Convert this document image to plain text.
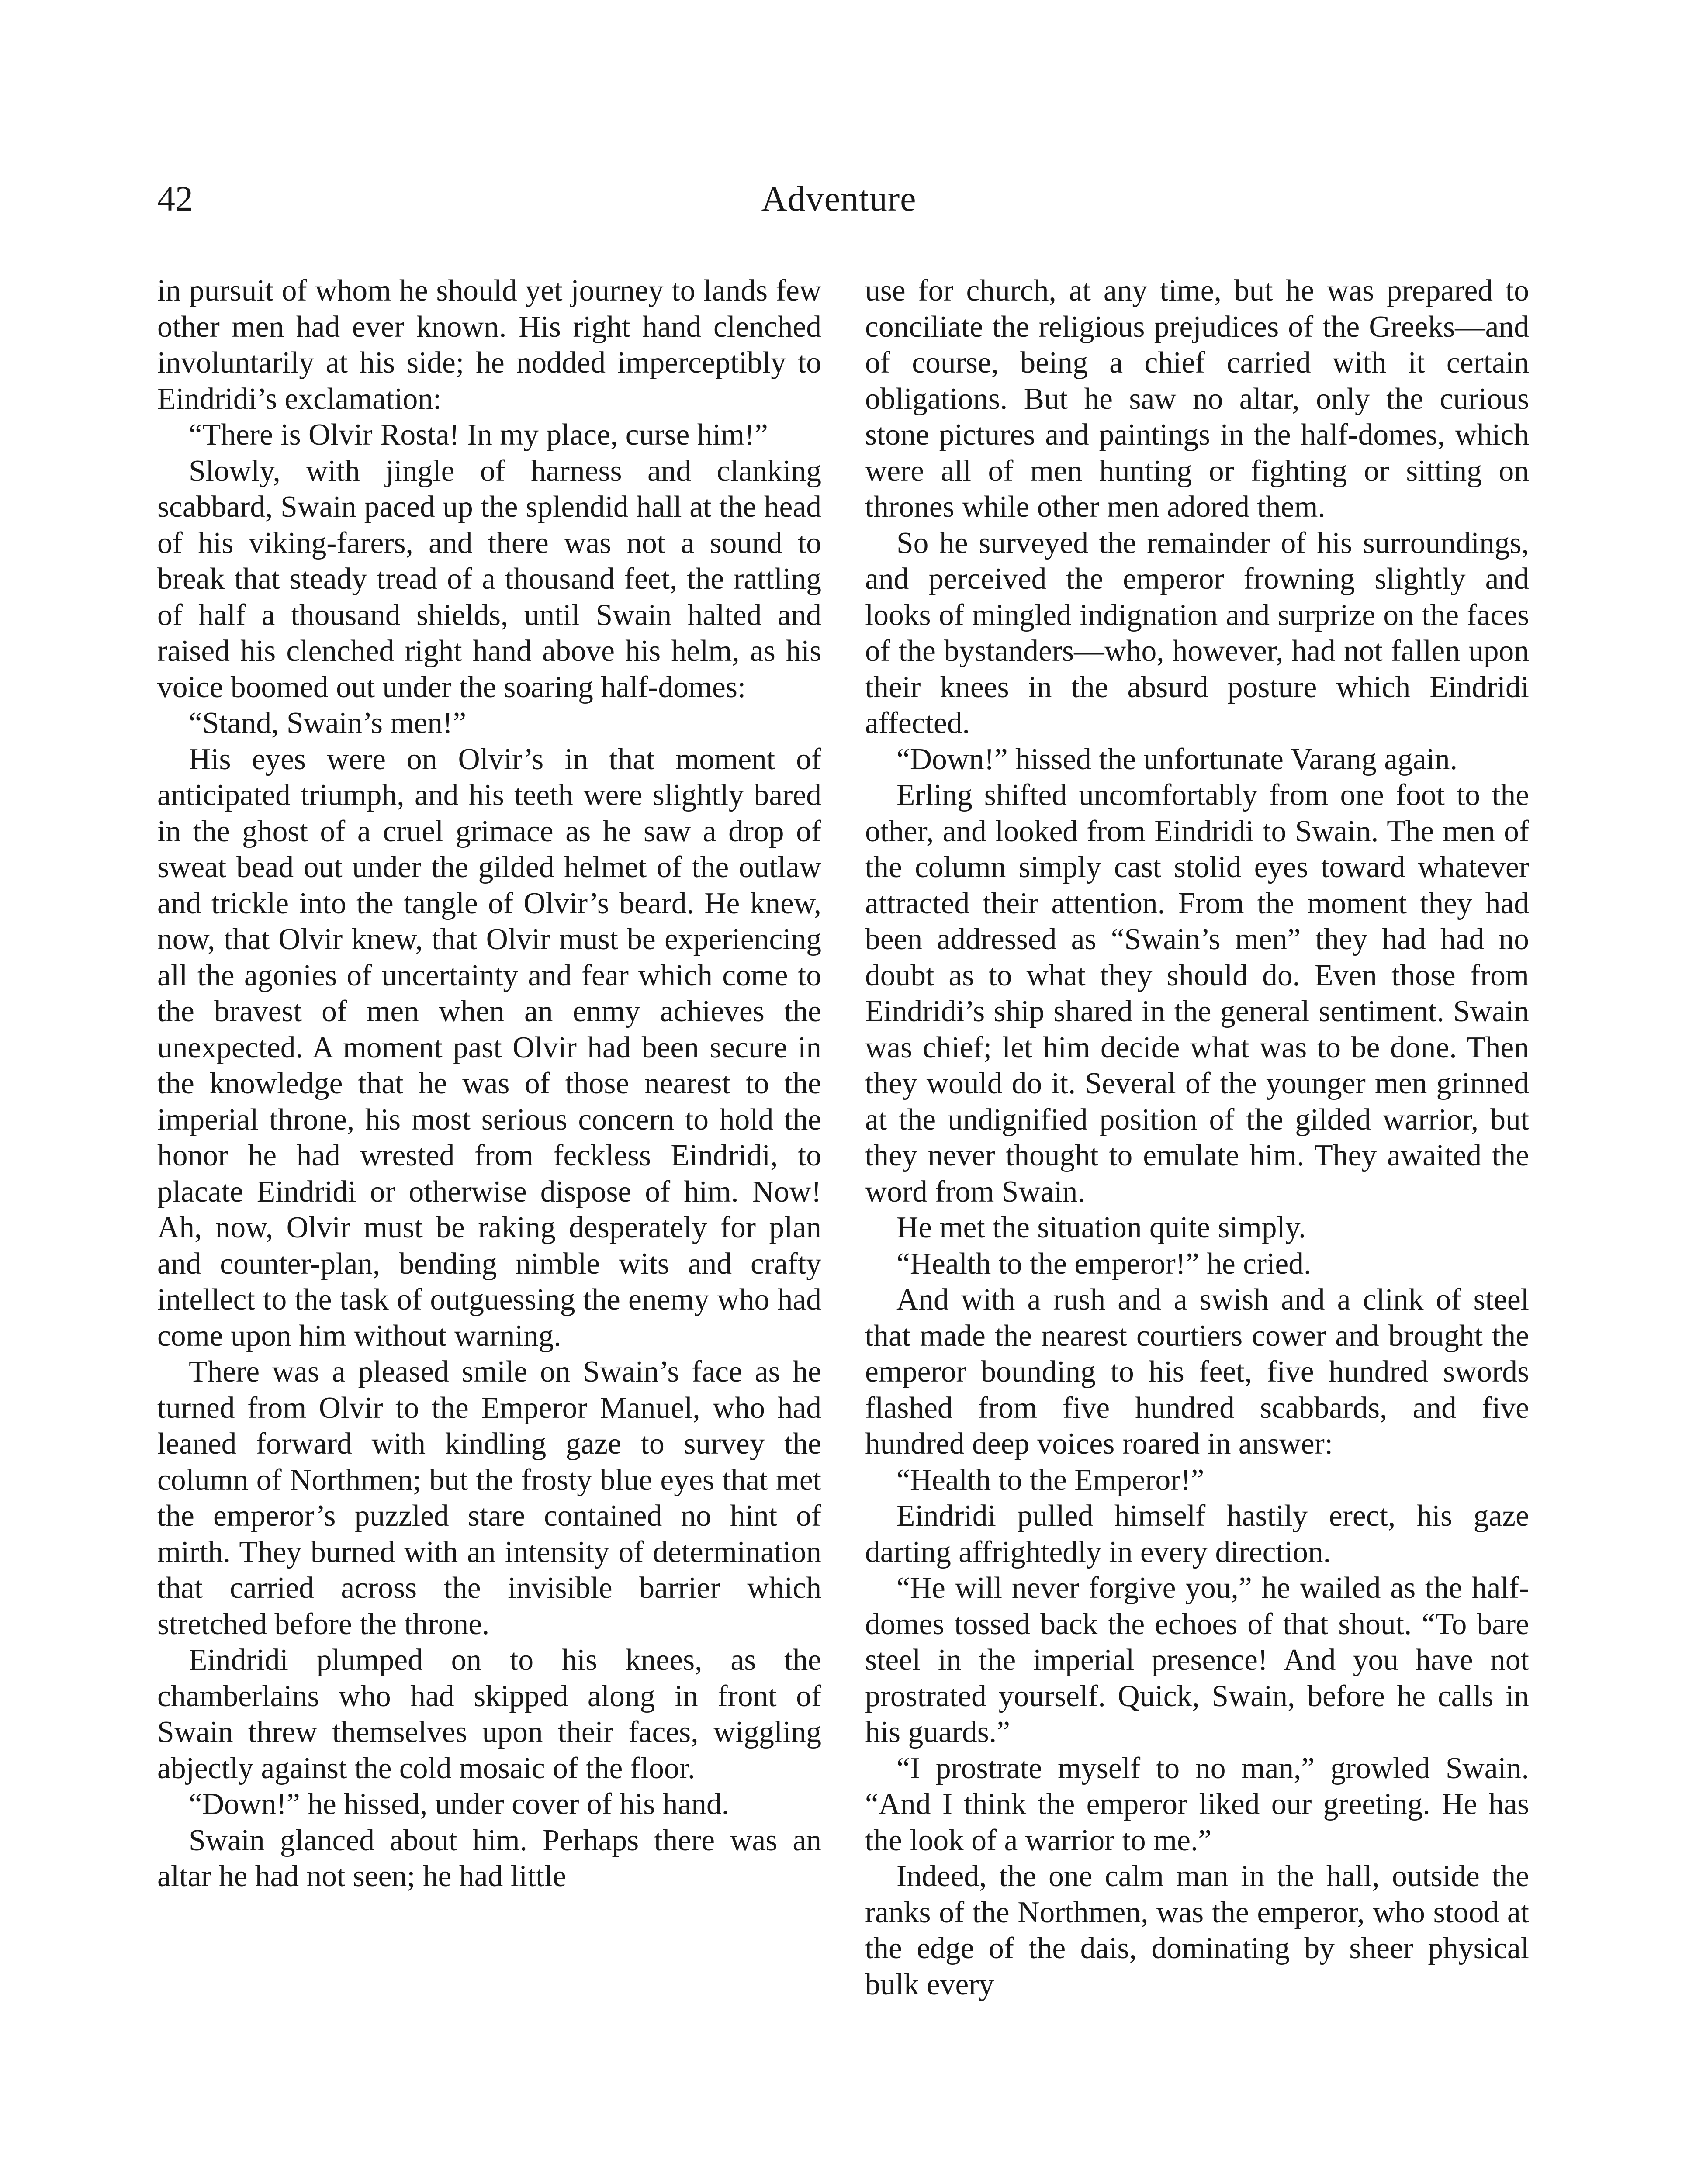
42	Adventure

in pursuit of whom he should yet journey to lands few other men had ever known. His right hand clenched involuntarily at his side; he nodded imperceptibly to Eindridi’s exclamation:

“There is Olvir Rosta! In my place, curse him!”

Slowly, with jingle of harness and clanking scabbard, Swain paced up the splendid hall at the head of his viking-farers, and there was not a sound to break that steady tread of a thousand feet, the rattling of half a thousand shields, until Swain halted and raised his clenched right hand above his helm, as his voice boomed out under the soaring half-domes:

“Stand, Swain’s men!”

His eyes were on Olvir’s in that moment of anticipated triumph, and his teeth were slightly bared in the ghost of a cruel grimace as he saw a drop of sweat bead out under the gilded helmet of the outlaw and trickle into the tangle of Olvir’s beard. He knew, now, that Olvir knew, that Olvir must be experiencing all the agonies of uncertainty and fear which come to the bravest of men when an enmy achieves the unexpected. A moment past Olvir had been secure in the knowledge that he was of those nearest to the imperial throne, his most serious concern to hold the honor he had wrested from feckless Eindridi, to placate Eindridi or otherwise dispose of him. Now! Ah, now, Olvir must be raking desperately for plan and counter-plan, bending nimble wits and crafty intellect to the task of outguessing the enemy who had come upon him without warning.

There was a pleased smile on Swain’s face as he turned from Olvir to the Emperor Manuel, who had leaned forward with kindling gaze to survey the column of Northmen; but the frosty blue eyes that met the emperor’s puzzled stare contained no hint of mirth. They burned with an intensity of determination that carried across the invisible barrier which stretched before the throne.

Eindridi plumped on to his knees, as the chamberlains who had skipped along in front of Swain threw themselves upon their faces, wiggling abjectly against the cold mosaic of the floor.

“Down!” he hissed, under cover of his hand.

Swain glanced about him. Perhaps there was an altar he had not seen; he had little

use for church, at any time, but he was prepared to conciliate the religious prejudices of the Greeks—and of course, being a chief carried with it certain obligations. But he saw no altar, only the curious stone pictures and paintings in the half-domes, which were all of men hunting or fighting or sitting on thrones while other men adored them.

So he surveyed the remainder of his surroundings, and perceived the emperor frowning slightly and looks of mingled indignation and surprize on the faces of the bystanders—who, however, had not fallen upon their knees in the absurd posture which Eindridi affected.

“Down!” hissed the unfortunate Varang again.

Erling shifted uncomfortably from one foot to the other, and looked from Eindridi to Swain. The men of the column simply cast stolid eyes toward whatever attracted their attention. From the moment they had been addressed as “Swain’s men” they had had no doubt as to what they should do. Even those from Eindridi’s ship shared in the general sentiment. Swain was chief; let him decide what was to be done. Then they would do it. Several of the younger men grinned at the undignified position of the gilded warrior, but they never thought to emulate him. They awaited the word from Swain.

He met the situation quite simply.

“Health to the emperor!” he cried.

And with a rush and a swish and a clink of steel that made the nearest courtiers cower and brought the emperor bounding to his feet, five hundred swords flashed from five hundred scabbards, and five hundred deep voices roared in answer:

“Health to the Emperor!”

Eindridi pulled himself hastily erect, his gaze darting affrightedly in every direction.

“He will never forgive you,” he wailed as the half-domes tossed back the echoes of that shout. “To bare steel in the imperial presence! And you have not prostrated yourself. Quick, Swain, before he calls in his guards.”

“I prostrate myself to no man,” growled Swain. “And I think the emperor liked our greeting. He has the look of a warrior to me.”

Indeed, the one calm man in the hall, outside the ranks of the Northmen, was the emperor, who stood at the edge of the dais, dominating by sheer physical bulk every
